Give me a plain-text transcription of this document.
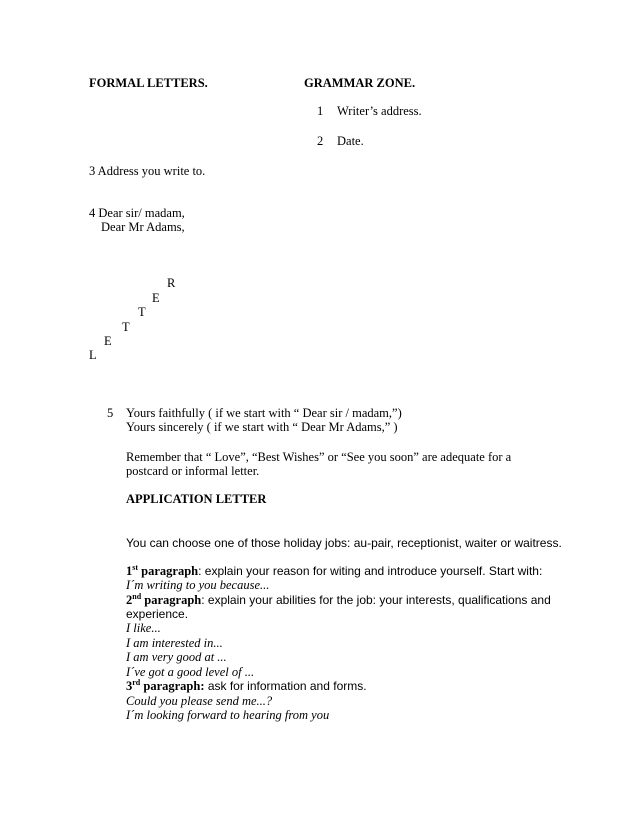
FORMAL LETTERS.	GRAMMAR ZONE.
1 Writer’s address.
2 Date.
3 Address you write to.
4 Dear sir/ madam,
Dear Mr Adams,
R
E
T
T
E
L
5 Yours faithfully ( if we start with “ Dear sir / madam,”)
Yours sincerely ( if we start with “ Dear Mr Adams,” )
Remember that “ Love”, “Best Wishes” or “See you soon” are adequate for a
postcard or informal letter.
APPLICATION LETTER
You can choose one of those holiday jobs: au-pair, receptionist, waiter or waitress.
1st paragraph: explain your reason for witing and introduce yourself. Start with:
I´m writing to you because...
2nd paragraph: explain your abilities for the job: your interests, qualifications and
experience.
I like...
I am interested in...
I am very good at ...
I´ve got a good level of ...
3rd paragraph: ask for information and forms.
Could you please send me...?
I´m looking forward to hearing from you
